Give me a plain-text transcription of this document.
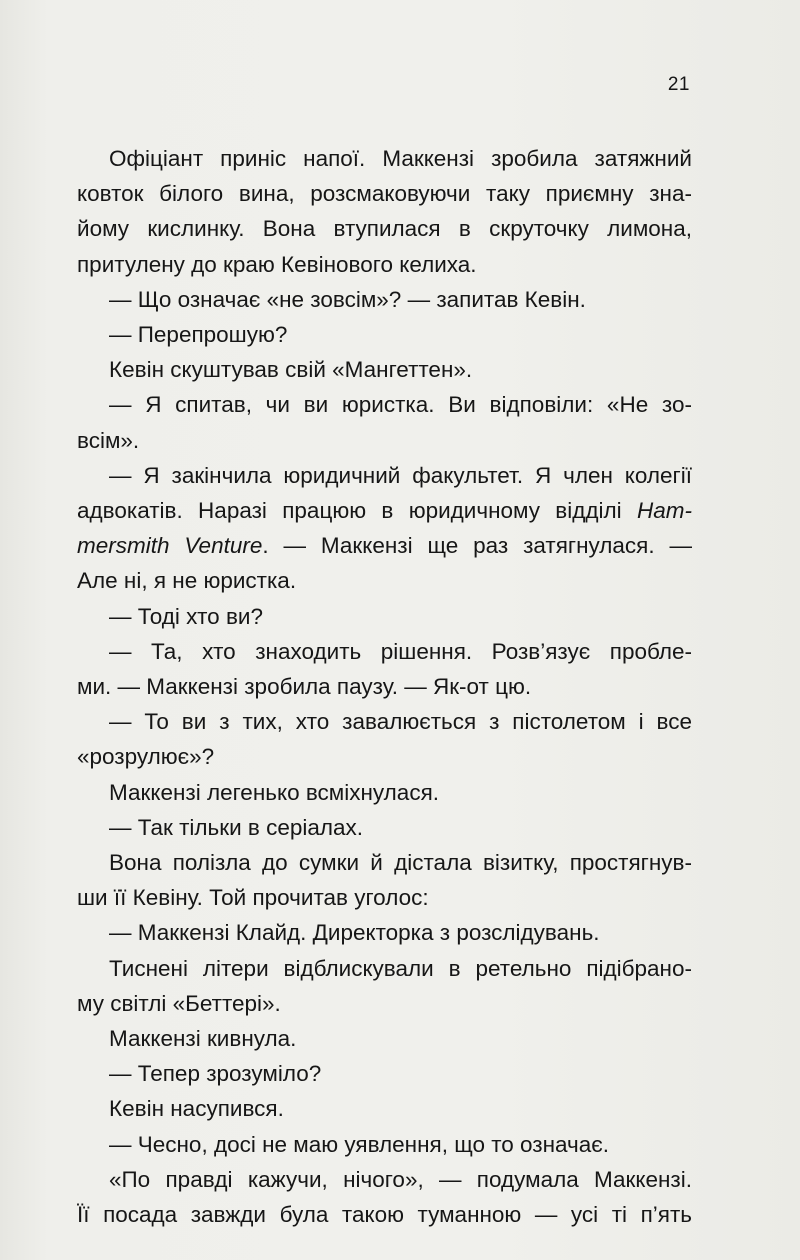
21
Офіціант приніс напої. Маккензі зробила затяжний
ковток білого вина, розсмаковуючи таку приємну зна-
йому кислинку. Вона втупилася в скруточку лимона,
притулену до краю Кевінового келиха.
— Що означає «не зовсім»? — запитав Кевін.
— Перепрошую?
Кевін скуштував свій «Мангеттен».
— Я спитав, чи ви юристка. Ви відповіли: «Не зо-
всім».
— Я закінчила юридичний факультет. Я член колегії
адвокатів. Наразі працюю в юридичному відділі Ham-
mersmith Venture. — Маккензі ще раз затягнулася. —
Але ні, я не юристка.
— Тоді хто ви?
— Та, хто знаходить рішення. Розв’язує пробле-
ми. — Маккензі зробила паузу. — Як-от цю.
— То ви з тих, хто завалюється з пістолетом і все
«розрулює»?
Маккензі легенько всміхнулася.
— Так тільки в серіалах.
Вона полізла до сумки й дістала візитку, простягнув-
ши її Кевіну. Той прочитав уголос:
— Маккензі Клайд. Директорка з розслідувань.
Тиснені літери відблискували в ретельно підібрано-
му світлі «Беттері».
Маккензі кивнула.
— Тепер зрозуміло?
Кевін насупився.
— Чесно, досі не маю уявлення, що то означає.
«По правді кажучи, нічого», — подумала Маккензі.
Її посада завжди була такою туманною — усі ті п’ять
